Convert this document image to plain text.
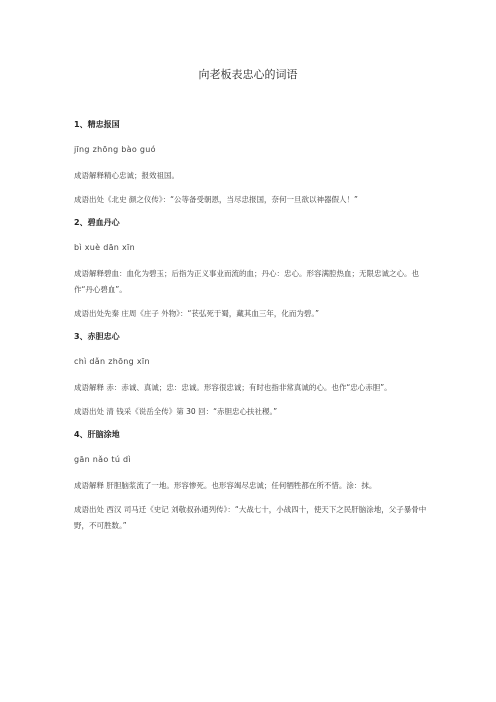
向老板表忠心的词语
1、精忠报国
jīng zhōng bào guó
成语解释精心忠诚；报效祖国。
成语出处《北史 颜之仪传》：“公等备受朝恩，当尽忠报国，奈何一旦欲以神器假人！”
2、碧血丹心
bì xuè dān xīn
成语解释碧血：血化为碧玉；后指为正义事业而流的血；丹心：忠心。形容满腔热血；无限忠诚之心。也作“丹心碧血”。
成语出处先秦 庄周《庄子 外物》：“苌弘死于蜀，藏其血三年，化而为碧。”
3、赤胆忠心
chì dǎn zhōng xīn
成语解释 赤：赤诚、真诚；忠：忠诚。形容很忠诚；有时也指非常真诚的心。也作“忠心赤胆”。
成语出处 清 钱采《说岳全传》第 30 回：“赤胆忠心扶社稷。”
4、肝脑涂地
gān nǎo tú dì
成语解释 肝胆脑浆流了一地。形容惨死。也形容竭尽忠诚；任何牺牲都在所不惜。涂：抹。
成语出处 西汉 司马迁《史记 刘敬叔孙通列传》：“大战七十，小战四十，使天下之民肝脑涂地，父子暴骨中野，不可胜数。”
